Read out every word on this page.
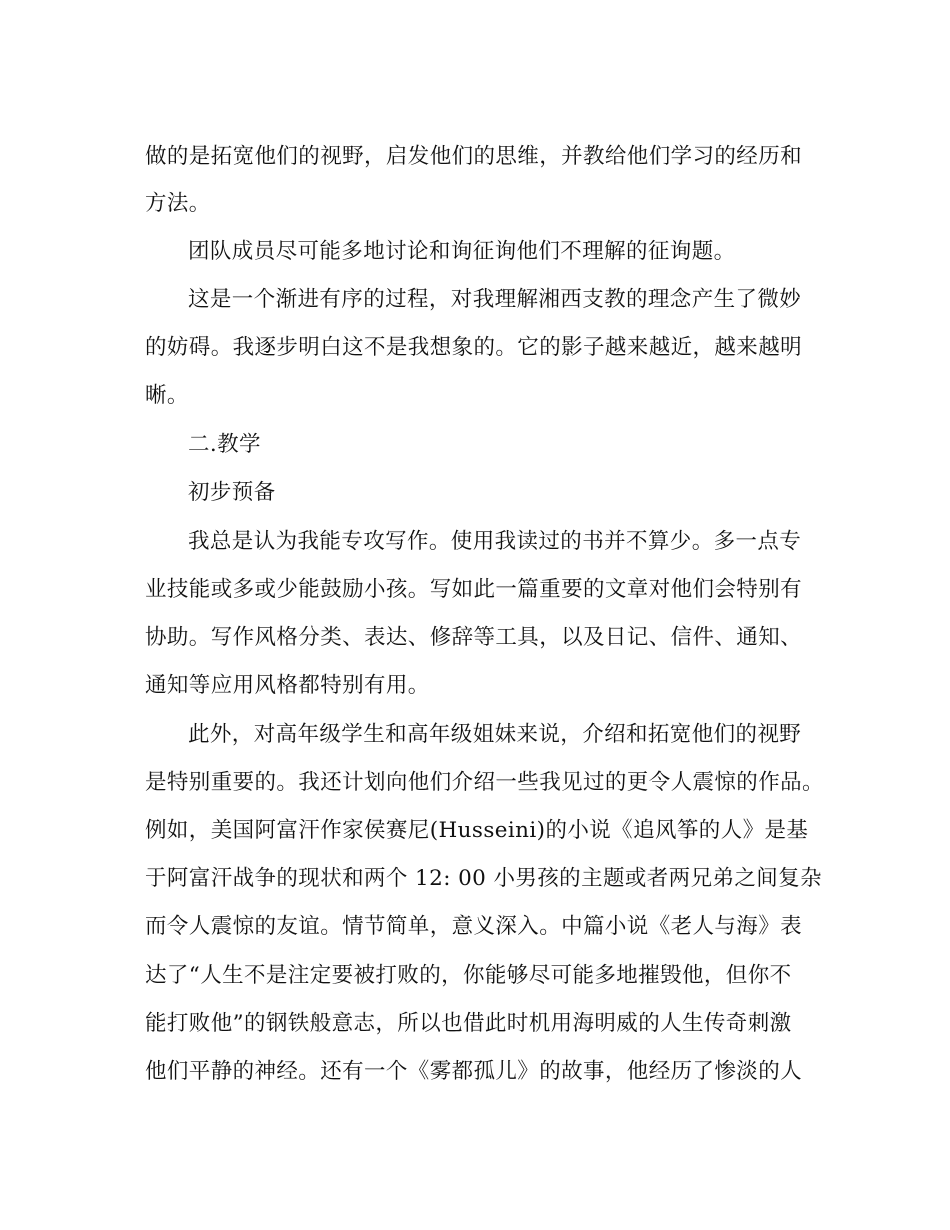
做的是拓宽他们的视野，启发他们的思维，并教给他们学习的经历和
方法。
团队成员尽可能多地讨论和询征询他们不理解的征询题。
这是一个渐进有序的过程，对我理解湘西支教的理念产生了微妙
的妨碍。我逐步明白这不是我想象的。它的影子越来越近，越来越明
晰。
二.教学
初步预备
我总是认为我能专攻写作。使用我读过的书并不算少。多一点专
业技能或多或少能鼓励小孩。写如此一篇重要的文章对他们会特别有
协助。写作风格分类、表达、修辞等工具，以及日记、信件、通知、
通知等应用风格都特别有用。
此外，对高年级学生和高年级姐妹来说，介绍和拓宽他们的视野
是特别重要的。我还计划向他们介绍一些我见过的更令人震惊的作品。
例如，美国阿富汗作家侯赛尼(Husseini)的小说《追风筝的人》是基
于阿富汗战争的现状和两个 12: 00 小男孩的主题或者两兄弟之间复杂
而令人震惊的友谊。情节简单，意义深入。中篇小说《老人与海》表
达了“人生不是注定要被打败的，你能够尽可能多地摧毁他，但你不
能打败他”的钢铁般意志，所以也借此时机用海明威的人生传奇刺激
他们平静的神经。还有一个《雾都孤儿》的故事，他经历了惨淡的人
